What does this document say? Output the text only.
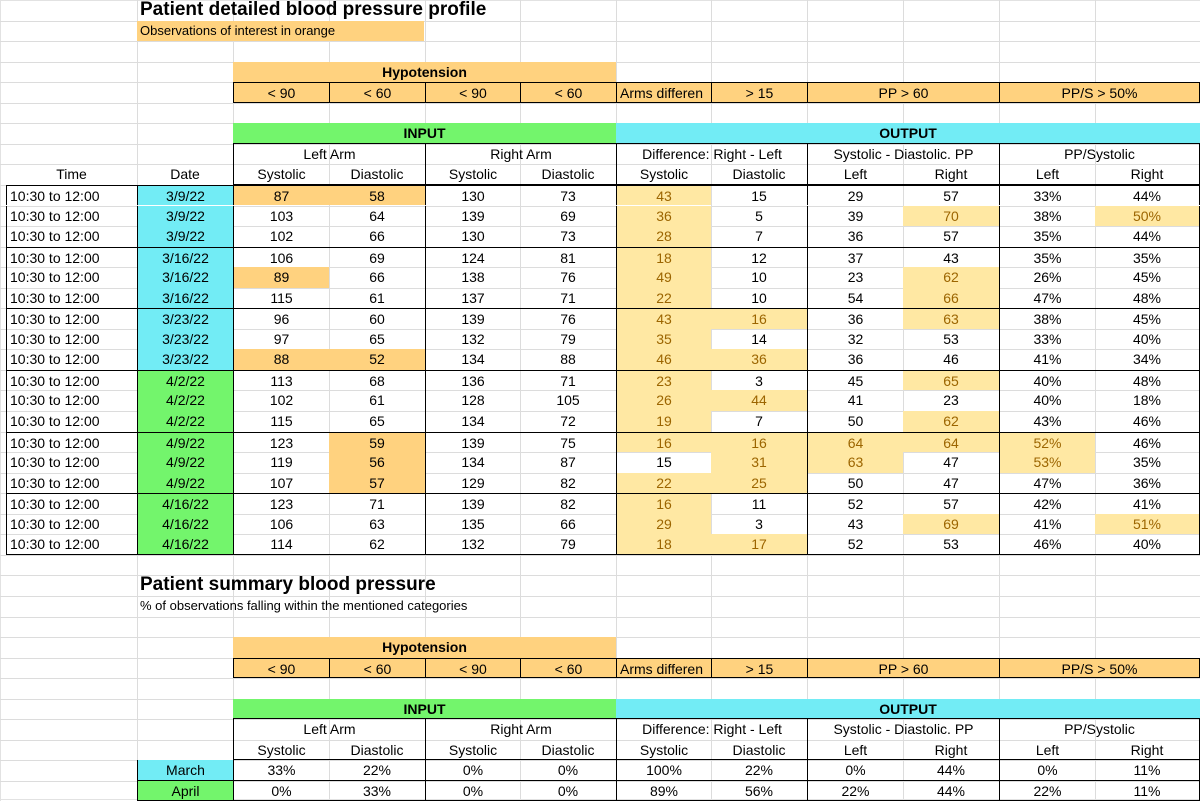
Patient detailed blood pressure profile
Observations of interest in orange
Hypotension
< 90	< 60	< 90	< 60	Arms differen	> 15	PP > 60	PP/S > 50%
INPUT	OUTPUT
Left Arm	Right Arm	Difference: Right - Left	Systolic - Diastolic. PP	PP/Systolic
Systolic	Diastolic	Systolic	Diastolic	Systolic	Diastolic	Left	Right	Left	Right
Time	Date
10:30 to 12:00	3/9/22	87	58	130	73	43	15	29	57	33%	44%
10:30 to 12:00	3/9/22	103	64	139	69	36	5	39	70	38%	50%
10:30 to 12:00	3/9/22	102	66	130	73	28	7	36	57	35%	44%
10:30 to 12:00	3/16/22	106	69	124	81	18	12	37	43	35%	35%
10:30 to 12:00	3/16/22	89	66	138	76	49	10	23	62	26%	45%
10:30 to 12:00	3/16/22	115	61	137	71	22	10	54	66	47%	48%
10:30 to 12:00	3/23/22	96	60	139	76	43	16	36	63	38%	45%
10:30 to 12:00	3/23/22	97	65	132	79	35	14	32	53	33%	40%
10:30 to 12:00	3/23/22	88	52	134	88	46	36	36	46	41%	34%
10:30 to 12:00	4/2/22	113	68	136	71	23	3	45	65	40%	48%
10:30 to 12:00	4/2/22	102	61	128	105	26	44	41	23	40%	18%
10:30 to 12:00	4/2/22	115	65	134	72	19	7	50	62	43%	46%
10:30 to 12:00	4/9/22	123	59	139	75	16	16	64	64	52%	46%
10:30 to 12:00	4/9/22	119	56	134	87	15	31	63	47	53%	35%
10:30 to 12:00	4/9/22	107	57	129	82	22	25	50	47	47%	36%
10:30 to 12:00	4/16/22	123	71	139	82	16	11	52	57	42%	41%
10:30 to 12:00	4/16/22	106	63	135	66	29	3	43	69	41%	51%
10:30 to 12:00	4/16/22	114	62	132	79	18	17	52	53	46%	40%
Patient summary blood pressure
% of observations falling within the mentioned categories
Hypotension
< 90	< 60	< 90	< 60	Arms differen	> 15	PP > 60	PP/S > 50%
INPUT	OUTPUT
Left Arm	Right Arm	Difference: Right - Left	Systolic - Diastolic. PP	PP/Systolic
Systolic	Diastolic	Systolic	Diastolic	Systolic	Diastolic	Left	Right	Left	Right
March	33%	22%	0%	0%	100%	22%	0%	44%	0%	11%
April	0%	33%	0%	0%	89%	56%	22%	44%	22%	11%
